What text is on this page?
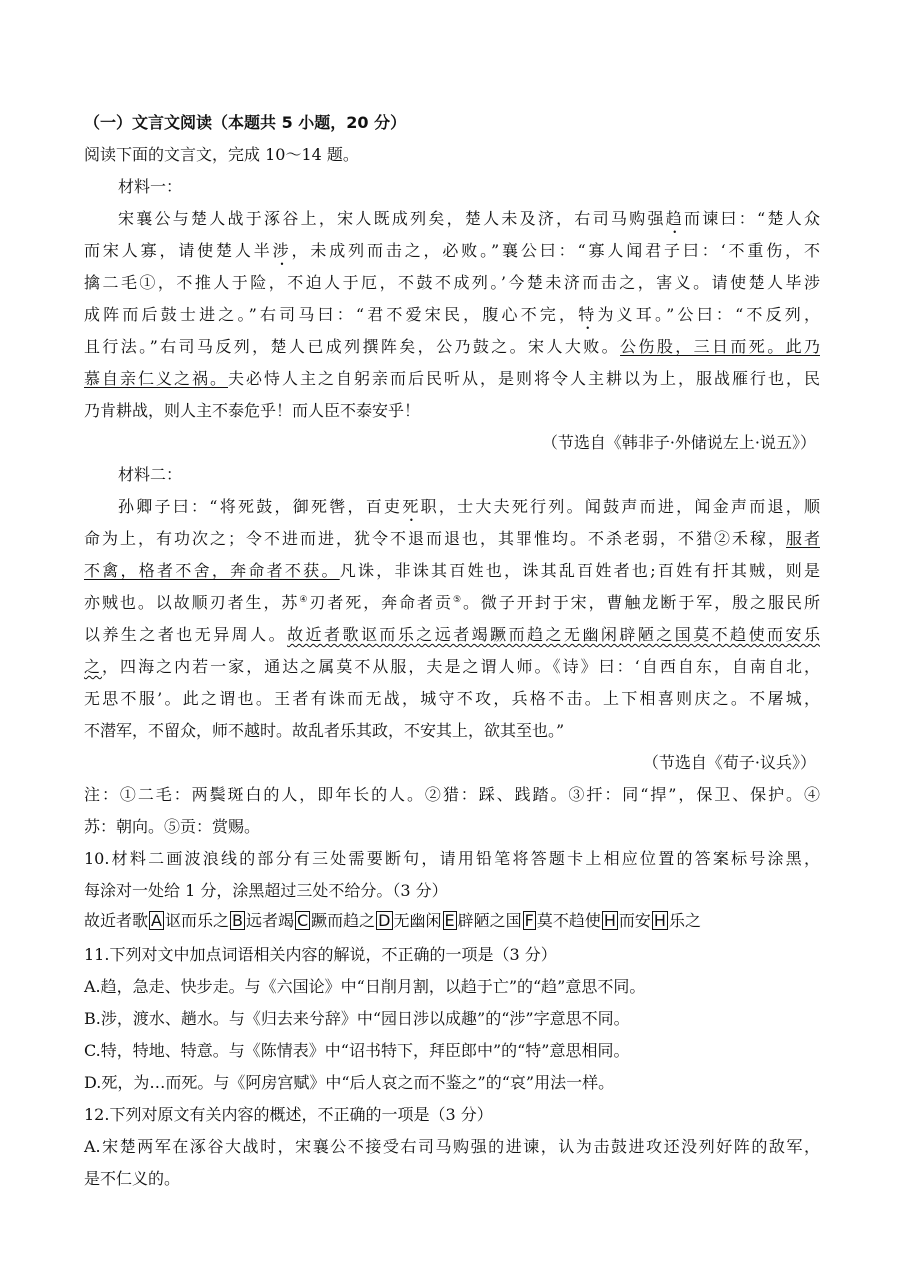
（一）文言文阅读（本题共 5 小题，20 分）
阅读下面的文言文，完成 10～14 题。
材料一：
宋襄公与楚人战于涿谷上，宋人既成列矣，楚人未及济，右司马购强趋而谏曰：“楚人众
而宋人寡，请使楚人半涉，未成列而击之，必败。”襄公曰：“寡人闻君子曰：‘不重伤，不
擒二毛①，不推人于险，不迫人于厄，不鼓不成列。’今楚未济而击之，害义。请使楚人毕涉
成阵而后鼓士进之。”右司马曰：“君不爱宋民，腹心不完，特为义耳。”公曰：“不反列，
且行法。”右司马反列，楚人已成列撰阵矣，公乃鼓之。宋人大败。公伤股，三日而死。此乃
慕自亲仁义之祸。夫必恃人主之自躬亲而后民听从，是则将令人主耕以为上，服战雁行也，民
乃肯耕战，则人主不泰危乎！而人臣不泰安乎！
（节选自《韩非子·外储说左上·说五》）
材料二：
孙卿子曰：“将死鼓，御死辔，百吏死职，士大夫死行列。闻鼓声而进，闻金声而退，顺
命为上，有功次之；令不进而进，犹令不退而退也，其罪惟均。不杀老弱，不猎②禾稼，服者
不禽，格者不舍，奔命者不获。凡诛，非诛其百姓也，诛其乱百姓者也;百姓有扞其贼，则是
亦贼也。以故顺刃者生，苏④刃者死，奔命者贡⑤。微子开封于宋，曹触龙断于军，殷之服民所
以养生之者也无异周人。故近者歌讴而乐之远者竭蹶而趋之无幽闲辟陋之国莫不趋使而安乐
之，四海之内若一家，通达之属莫不从服，夫是之谓人师。《诗》曰：‘自西自东，自南自北，
无思不服’。此之谓也。王者有诛而无战，城守不攻，兵格不击。上下相喜则庆之。不屠城，
不潜军，不留众，师不越时。故乱者乐其政，不安其上，欲其至也。”
（节选自《荀子·议兵》）
注：①二毛：两鬓斑白的人，即年长的人。②猎：踩、践踏。③扞：同“捍”，保卫、保护。④
苏：朝向。⑤贡：赏赐。
10.材料二画波浪线的部分有三处需要断句，请用铅笔将答题卡上相应位置的答案标号涂黑，
每涂对一处给 1 分，涂黑超过三处不给分。（3 分）
故近者歌 A 讴而乐之 B 远者竭 C 蹶而趋之 D 无幽闲 E 辟陋之国 F 莫不趋使 H 而安 H 乐之
11.下列对文中加点词语相关内容的解说，不正确的一项是（3 分）
A.趋，急走、快步走。与《六国论》中“日削月割，以趋于亡”的“趋”意思不同。
B.涉，渡水、趟水。与《归去来兮辞》中“园日涉以成趣”的“涉”字意思不同。
C.特，特地、特意。与《陈情表》中“诏书特下，拜臣郎中”的“特”意思相同。
D.死，为…而死。与《阿房宫赋》中“后人哀之而不鉴之”的“哀”用法一样。
12.下列对原文有关内容的概述，不正确的一项是（3 分）
A.宋楚两军在涿谷大战时，宋襄公不接受右司马购强的进谏，认为击鼓进攻还没列好阵的敌军，
是不仁义的。
